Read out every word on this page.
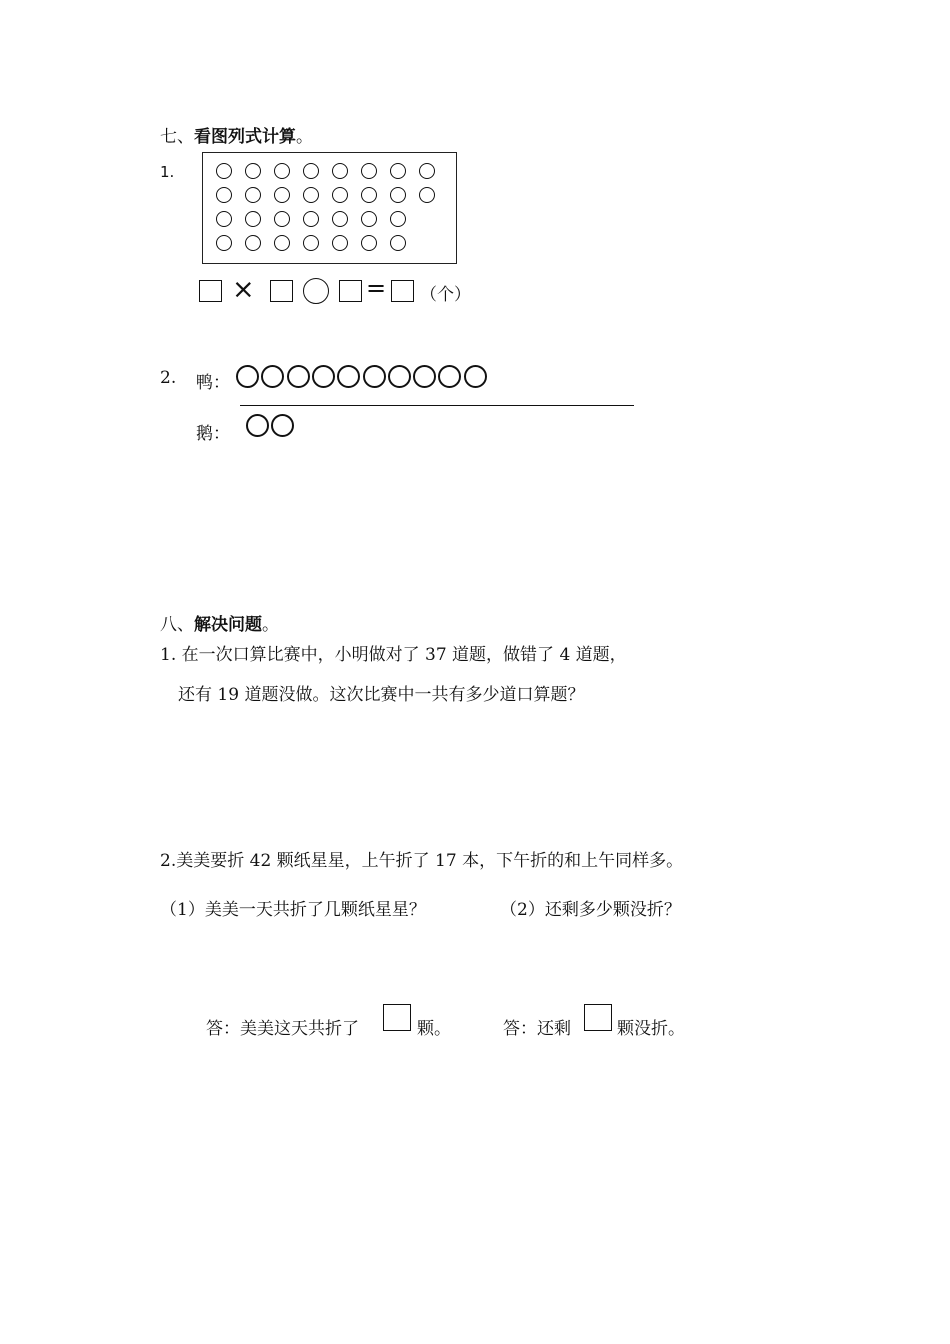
七、看图列式计算。
1.
×	= （个）
2. 鸭：
鹅：
八、解决问题。
1. 在一次口算比赛中，小明做对了 37 道题，做错了 4 道题，
还有 19 道题没做。这次比赛中一共有多少道口算题？
2.美美要折 42 颗纸星星，上午折了 17 本，下午折的和上午同样多。
（1）美美一天共折了几颗纸星星？	（2）还剩多少颗没折？
答：美美这天共折了	颗。	答：还剩	颗没折。
